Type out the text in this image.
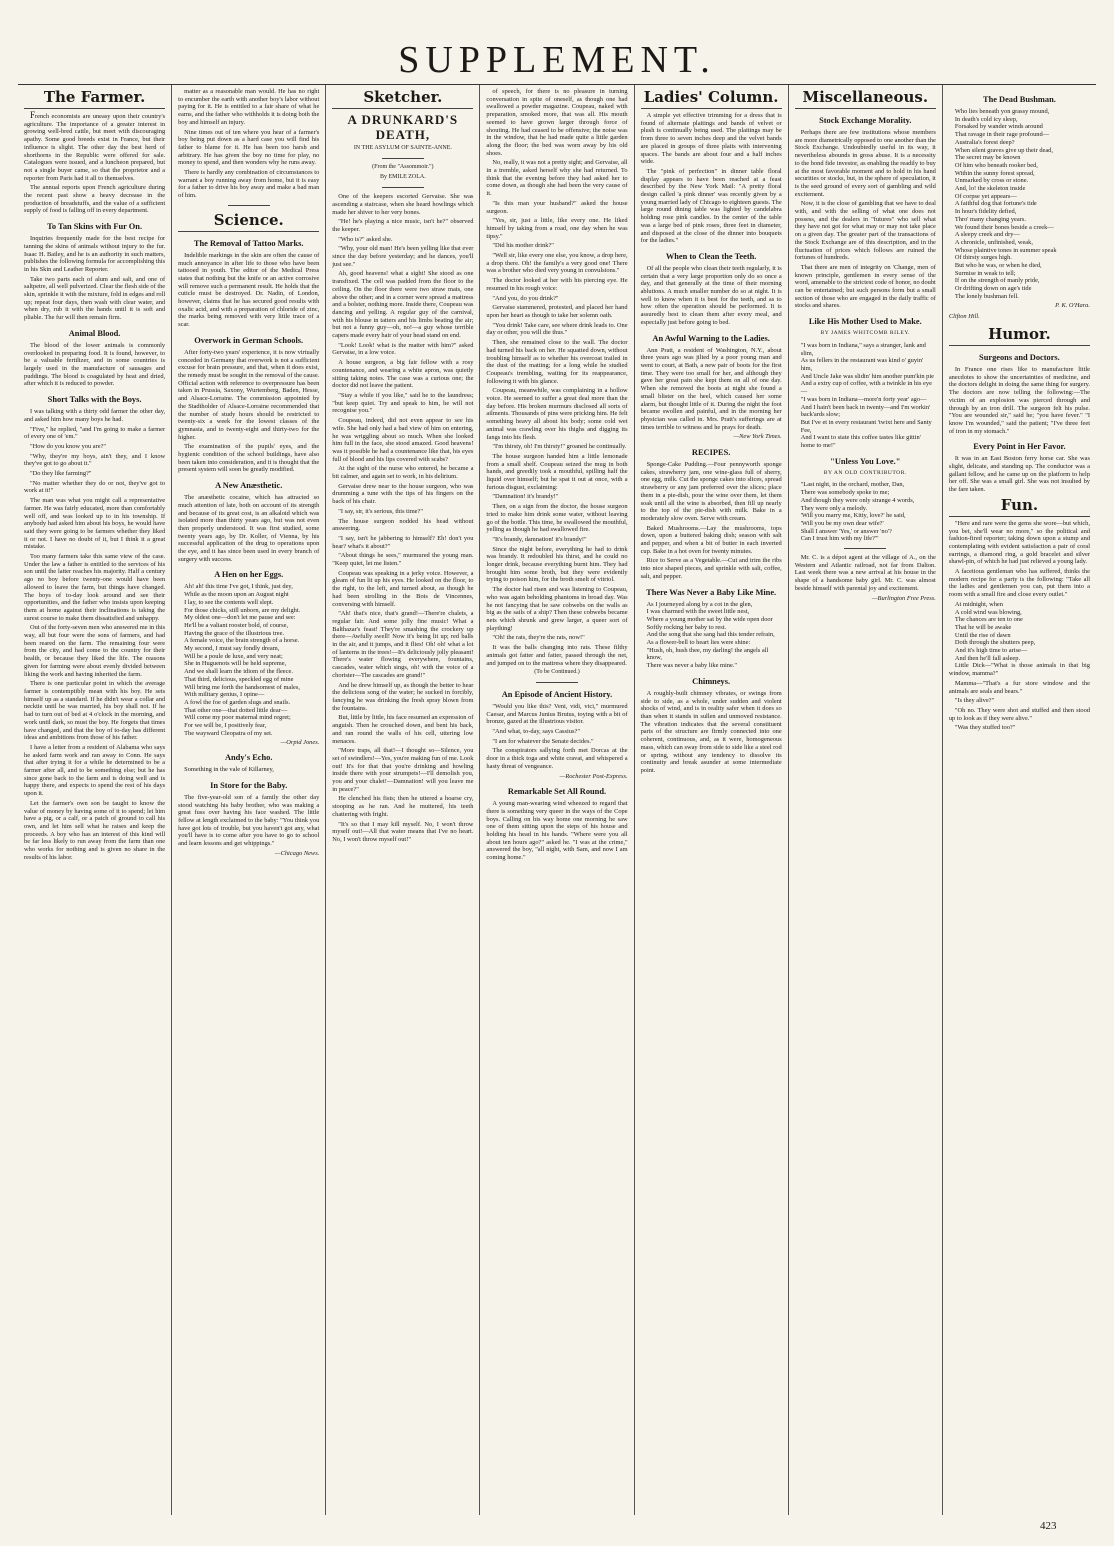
SUPPLEMENT.
The Farmer.

French economists are uneasy upon their country's agriculture. The importance of a greater interest in growing well-bred cattle, but meet with discouraging apathy. Some good breeds exist in France, but their influence is slight. The other day the best herd of shorthorns in the Republic were offered for sale. Catalogues were issued, and a luncheon prepared, but not a single buyer came, so that the proprietor and a reporter from Paris had it all to themselves.

The annual reports upon French agriculture during the recent past show a heavy decrease in the production of breadstuffs, and the value of a sufficient supply of food is falling off in every department.

To Tan Skins with Fur On.

Inquiries frequently made for the best recipe for tanning the skins of animals without injury to the fur. Isaac H. Bailey, and he is an authority in such matters, publishes the following formula for accomplishing this in his Skin and Leather Reporter.

Take two parts each of alum and salt, and one of saltpetre, all well pulverized. Clear the flesh side of the skin, sprinkle it with the mixture, fold in edges and roll up; repeat four days, then wash with clear water, and when dry, rub it with the hands until it is soft and pliable. The fur will then remain firm.

Animal Blood.

The blood of the lower animals is commonly overlooked in preparing food. It is found, however, to be a valuable fertilizer, and in some countries is largely used in the manufacture of sausages and puddings. The blood is coagulated by heat and dried, after which it is reduced to powder.

Short Talks with the Boys.

I was talking with a thirty odd farmer the other day, and asked him how many boys he had.

"Five," he replied, "and I'm going to make a farmer of every one of 'em."

"How do you know you are?"

"Why, they're my boys, ain't they, and I know they've got to go about it."

"Do they like farming?"

"No matter whether they do or not, they've got to work at it!"

The man was what you might call a representative farmer. He was fairly educated, more than comfortably well off, and was looked up to in his township. If anybody had asked him about his boys, he would have said they were going to be farmers whether they liked it or not. I have no doubt of it, but I think it a great mistake.

Too many farmers take this same view of the case. Under the law a father is entitled to the services of his son until the latter reaches his majority. Half a century ago no boy before twenty-one would have been allowed to leave the farm, but things have changed. The boys of to-day look around and see their opportunities, and the father who insists upon keeping them at home against their inclinations is taking the surest course to make them dissatisfied and unhappy.

Out of the forty-seven men who answered me in this way, all but four were the sons of farmers, and had been reared on the farm. The remaining four were from the city, and had come to the country for their health, or because they liked the life. The reasons given for farming were about evenly divided between liking the work and having inherited the farm.

There is one particular point in which the average farmer is contemptibly mean with his boy. He sets himself up as a standard. If he didn't wear a collar and necktie until he was married, his boy shall not. If he had to turn out of bed at 4 o'clock in the morning, and work until dark, so must the boy. He forgets that times have changed, and that the boy of to-day has different ideas and ambitions from those of his father.

I have a letter from a resident of Alabama who says he asked farm work and ran away to Conn. He says that after trying it for a while he determined to be a farmer after all, and to be something else; but he has since gone back to the farm and is doing well and is happy there, and expects to spend the rest of his days upon it.

Let the farmer's own son be taught to know the value of money by having some of it to spend; let him have a pig, or a calf, or a patch of ground to call his own, and let him sell what he raises and keep the proceeds. A boy who has an interest of this kind will be far less likely to run away from the farm than one who works for nothing and is given no share in the results of his labor.

matter as a reasonable man would. He has no right to encumber the earth with another boy's labor without paying for it. He is entitled to a fair share of what he earns, and the father who withholds it is doing both the boy and himself an injury.

Nine times out of ten where you hear of a farmer's boy being put down as a hard case you will find his father to blame for it. He has been too harsh and arbitrary. He has given the boy no time for play, no money to spend, and then wonders why he runs away.

There is hardly any combination of circumstances to warrant a boy running away from home, but it is easy for a father to drive his boy away and make a bad man of him.

Science.
The Removal of Tattoo Marks.

Indelible markings in the skin are often the cause of much annoyance in after life to those who have been tattooed in youth. The editor of the Medical Press states that nothing but the knife or an active corrosive will remove such a permanent result. He holds that the cuticle must be destroyed. Dr. Nadin, of London, however, claims that he has secured good results with oxalic acid, and with a preparation of chloride of zinc, the marks being removed with very little trace of a scar.

Overwork in German Schools.

After forty-two years' experience, it is now virtually conceded in Germany that overwork is not a sufficient excuse for brain pressure, and that, when it does exist, the remedy must be sought in the removal of the cause. Official action with reference to overpressure has been taken in Prussia, Saxony, Wurtemberg, Baden, Hesse, and Alsace-Lorraine. The commission appointed by the Stadtholder of Alsace-Lorraine recommended that the number of study hours should be restricted to twenty-six a week for the lowest classes of the gymnasia, and to twenty-eight and thirty-two for the higher.

The examination of the pupils' eyes, and the hygienic condition of the school buildings, have also been taken into consideration, and it is thought that the present system will soon be greatly modified.

A New Anæsthetic.

The anæsthetic cocaine, which has attracted so much attention of late, both on account of its strength and because of its great cost, is an alkaloid which was isolated more than thirty years ago, but was not even then properly understood. It was first studied, some twenty years ago, by Dr. Koller, of Vienna, by his successful application of the drug to operations upon the eye, and it has since been used in every branch of surgery with success.

A Hen on her Eggs.

Ah! ah! this time I've got, I think, just dey,

While as the moon upon an August night

I lay, to see the contents well slept.

For those chicks, still unborn, are my delight.

My oldest one—don't let me pause and see:

He'll be a valiant rooster bold, of course,

Having the grace of the illustrious tree.

A female voice, the brain strength of a horse.

My second, I must say fondly dream,

Will be a poule de luxe, and very neat;

She in Huguenots will be held supreme,

And we shall learn the idiom of the fleece.

That third, delicious, speckled egg of mine

Will bring me forth the handsomest of males,

With military genius, I opine—

A fowl the foe of garden slugs and snails.

That other one—that dotted little dear—

Will come my poor maternal mind regret;

For we will be, I positively fear,

The wayward Cleopatra of my set.

—Orpid Jones.
Andy's Echo.

Something in the vale of Killarney,

In Store for the Baby.

The five-year-old son of a family the other day stood watching his baby brother, who was making a great fuss over having his face washed. The little fellow at length exclaimed to the baby: "You think you have got lots of trouble, but you haven't got any, what you'll have is to come after you have to go to school and learn lessons and get whippings."

—Chicago News.
Sketcher.
A DRUNKARD'S DEATH,
IN THE ASYLUM OF SAINTE-ANNE.
(From the "Assommoir.")
By EMILE ZOLA.

One of the keepers escorted Gervaise. She was ascending a staircase, when she heard howlings which made her shiver to her very bones.

"He! he's playing a nice music, isn't he?" observed the keeper.

"Who is?" asked she.

"Why, your old man! He's been yelling like that ever since the day before yesterday; and he dances, you'll just see."

Ah, good heavens! what a sight! She stood as one transfixed. The cell was padded from the floor to the ceiling. On the floor there were two straw mats, one above the other; and in a corner were spread a mattress and a bolster, nothing more. Inside there, Coupeau was dancing and yelling. A regular guy of the carnival, with his blouse in tatters and his limbs beating the air; but not a funny guy—oh, no!—a guy whose terrible capers made every hair of your head stand on end.

"Look! Look! what is the matter with him?" asked Gervaise, in a low voice.

A house surgeon, a big fair fellow with a rosy countenance, and wearing a white apron, was quietly sitting taking notes. The case was a curious one; the doctor did not leave the patient.

"Stay a while if you like," said he to the laundress; "but keep quiet. Try and speak to him, he will not recognise you."

Coupeau, indeed, did not even appear to see his wife. She had only had a bad view of him on entering, he was wriggling about so much. When she looked him full in the face, she stood amazed. Good heavens! was it possible he had a countenance like that, his eyes full of blood and his lips covered with scabs?

At the sight of the nurse who entered, he became a bit calmer, and again set to work, in his delirium.

Gervaise drew near to the house surgeon, who was drumming a tune with the tips of his fingers on the back of his chair.

"I say, sir, it's serious, this time?"

The house surgeon nodded his head without answering.

"I say, isn't he jabbering to himself? Eh! don't you hear? what's it about?"

"About things he sees," murmured the young man. "Keep quiet, let me listen."

Coupeau was speaking in a jerky voice. However, a gleam of fun lit up his eyes. He looked on the floor, to the right, to the left, and turned about, as though he had been strolling in the Bois de Vincennes, conversing with himself.

"Ah! that's nice, that's grand!—There're chalets, a regular fair. And some jolly fine music! What a Balthazar's feast! They're smashing the crockery up there—Awfully swell! Now it's being lit up; red balls in the air, and it jumps, and it flies! Oh! oh! what a lot of lanterns in the trees!—It's deliciously jolly pleasant! There's water flowing everywhere, fountains, cascades, water which sings, oh! with the voice of a chorister—The cascades are grand!"

And he drew himself up, as though the better to hear the delicious song of the water; he sucked in forcibly, fancying he was drinking the fresh spray blown from the fountains.

But, little by little, his face resumed an expression of anguish. Then he crouched down, and bent his back, and ran round the walls of his cell, uttering low menaces.

"More traps, all that!—I thought so—Silence, you set of swindlers!—Yes, you're making fun of me. Look out! It's for that that you're drinking and howling inside there with your strumpets!—I'll demolish you, you and your chalet!—Damnation! will you leave me in peace?"

He clenched his fists; then he uttered a hoarse cry, stooping as he ran. And he muttered, his teeth chattering with fright.

"It's so that I may kill myself. No, I won't throw myself out!—All that water means that I've no heart. No, I won't throw myself out!"

of speech, for there is no pleasure in turning conversation in spite of oneself, as though one had swallowed a powder magazine. Coupeau, naked with preparation, smoked more, that was all. His mouth seemed to have grown larger through force of shouting. He had ceased to be offensive; the noise was in the window, that he had made quite a little garden along the floor; the bed was worn away by his old shoes.

No, really, it was not a pretty sight; and Gervaise, all in a tremble, asked herself why she had returned. To think that the evening before they had asked her to come down, as though she had been the very cause of it.

"Is this man your husband?" asked the house surgeon.

"Yes, sir, just a little, like every one. He liked himself by taking from a road, one day when he was tipsy."

"Did his mother drink?"

"Well sir, like every one else, you know, a drop here, a drop there. Oh! the family's a very good one! There was a brother who died very young in convulsions."

The doctor looked at her with his piercing eye. He resumed in his rough voice:

"And you, do you drink?"

Gervaise stammered, protested, and placed her hand upon her heart as though to take her solemn oath.

"You drink! Take care, see where drink leads to. One day or other, you will die thus."

Then, she remained close to the wall. The doctor had turned his back on her. He squatted down, without troubling himself as to whether his overcoat trailed in the dust of the matting; for a long while he studied Coupeau's trembling, waiting for its reappearance, following it with his glance.

Coupeau, meanwhile, was complaining in a hollow voice. He seemed to suffer a great deal more than the day before. His broken murmurs disclosed all sorts of ailments. Thousands of pins were pricking him. He felt something heavy all about his body; some cold wet animal was crawling over his thighs and digging its fangs into his flesh.

"I'm thirsty, oh! I'm thirsty!" groaned he continually.

The house surgeon handed him a little lemonade from a small shelf. Coupeau seized the mug in both hands, and greedily took a mouthful, spilling half the liquid over himself; but he spat it out at once, with a furious disgust, exclaiming:

"Damnation! it's brandy!"

Then, on a sign from the doctor, the house surgeon tried to make him drink some water, without leaving go of the bottle. This time, he swallowed the mouthful, yelling as though he had swallowed fire.

"It's brandy, damnation! it's brandy!"

Since the night before, everything he had to drink was brandy. It redoubled his thirst, and he could no longer drink, because everything burnt him. They had brought him some broth, but they were evidently trying to poison him, for the broth smelt of vitriol.

The doctor had risen and was listening to Coupeau, who was again beholding phantoms in broad day. Was he not fancying that he saw cobwebs on the walls as big as the sails of a ship? Then these cobwebs became nets which shrunk and grew larger, a queer sort of plaything!

"Oh! the rats, they're the rats, now!"

It was the balls changing into rats. These filthy animals got fatter and fatter, passed through the net, and jumped on to the mattress where they disappeared.

(To be Continued.)
An Episode of Ancient History.

"Would you like this? Veni, vidi, vici," murmured Caesar, and Marcus Junius Brutus, toying with a bit of bronze, gazed at the illustrious visitor.

"And what, to-day, says Cassius?"

"I am for whatever the Senate decides."

The conspirators sallying forth met Dorcas at the door in a thick toga and white cravat, and whispered a hasty threat of vengeance.

—Rochester Post-Express.
Remarkable Set All Round.

A young man-wearing wind wheezed to regard that there is something very queer in the ways of the Cope boys. Calling on his way home one morning he saw one of them sitting upon the steps of his house and holding his head in his hands. "Where were you all about ten hours ago?" asked he. "I was at the crime," answered the boy, "all night, with Sam, and now I am coming home."

Ladies' Column.

A simple yet effective trimming for a dress that is found of alternate plaitings and bands of velvet or plush is continually being used. The plaitings may be from three to seven inches deep and the velvet bands are placed in groups of three plaits with intervening spaces. The bands are about four and a half inches wide.

The "pink of perfection" in dinner table floral display appears to have been reached at a feast described by the New York Mail: "A pretty floral design called 'a pink dinner' was recently given by a young married lady of Chicago to eighteen guests. The large round dining table was lighted by candelabra holding rose pink candles. In the center of the table was a large bed of pink roses, three feet in diameter, and disposed at the close of the dinner into bouquets for the ladies."

When to Clean the Teeth.

Of all the people who clean their teeth regularly, it is certain that a very large proportion only do so once a day, and that generally at the time of their morning ablutions. A much smaller number do so at night. It is well to know when it is best for the teeth, and as to how often the operation should be performed. It is assuredly best to clean them after every meal, and especially just before going to bed.

An Awful Warning to the Ladies.

Ann Pratt, a resident of Washington, N.Y., about three years ago was jilted by a poor young man and went to court, at Bath, a new pair of boots for the first time. They were too small for her, and although they gave her great pain she kept them on all of one day. When she removed the boots at night she found a small blister on the heel, which caused her some alarm, but thought little of it. During the night the foot became swollen and painful, and in the morning her physician was called in. Mrs. Pratt's sufferings are at times terrible to witness and he prays for death.

—New York Times.
RECIPES.

Sponge-Cake Pudding.—Four pennyworth sponge cakes, strawberry jam, one wine-glass full of sherry, one egg, milk. Cut the sponge cakes into slices, spread strawberry or any jam preferred over the slices; place them in a pie-dish, pour the wine over them, let them soak until all the wine is absorbed, then fill up nearly to the top of the pie-dish with milk. Bake in a moderately slow oven. Serve with cream.

Baked Mushrooms.—Lay the mushrooms, tops down, upon a buttered baking dish; season with salt and pepper, and when a bit of butter in each inverted cup. Bake in a hot oven for twenty minutes.

Rice to Serve as a Vegetable.—Cut and trim the ribs into nice shaped pieces, and sprinkle with salt, coffee, salt, and pepper.

There Was Never a Baby Like Mine.

As I journeyed along by a cot in the glen,

I was charmed with the sweet little nest,

Where a young mother sat by the wide open door

Softly rocking her baby to rest.

And the song that she sang had this tender refrain,

As a flower-bell to heart lies were shine:

"Hush, oh, hush thee, my darling! the angels all know,

There was never a baby like mine."

Chimneys.

A roughly-built chimney vibrates, or swings from side to side, as a whole, under sudden and violent shocks of wind, and is in reality safer when it does so than when it stands in sullen and unmoved resistance. The vibration indicates that the several constituent parts of the structure are firmly connected into one coherent, continuous, and, as it were, homogeneous mass, which can sway from side to side like a steel rod or spring, without any tendency to dissolve its continuity and break asunder at some intermediate point.

Miscellaneous.
Stock Exchange Morality.

Perhaps there are few institutions whose members are more diametrically opposed to one another than the Stock Exchange. Undoubtedly useful in its way, it nevertheless abounds in gross abuse. It is a necessity to the bond fide investor, as enabling the readily to buy at the most favorable moment and to hold in his hand securities or stocks, but, in the sphere of speculation, it is the seed ground of every sort of gambling and wild excitement.

Now, it is the close of gambling that we have to deal with, and with the selling of what one does not possess, and the dealers in "futures" who sell what they have not got for what may or may not take place on a given day. The greater part of the transactions of the Stock Exchange are of this description, and in the fluctuation of prices which follows are ruined the fortunes of hundreds.

That there are men of integrity on 'Change, men of known principle, gentlemen in every sense of the word, amenable to the strictest code of honor, no doubt can be entertained; but such persons form but a small section of those who are engaged in the daily traffic of stocks and shares.

Like His Mother Used to Make.
BY JAMES WHITCOMB RILEY.

"I was born in Indiana," says a stranger, lank and slim,

As us fellers in the restaurant was kind o' guyin' him,

And Uncle Jake was slidin' him another pum'kin pie

And a extry cup of coffee, with a twinkle in his eye—

"I was born in Indiana—more'n forty year' ago—

And I hain't been back in twenty—and I'm workin' back'ards slow;

But I've et in every restaurant 'twixt here and Santy Fee,

And I want to state this coffee tastes like gittin' home to me!"

"Unless You Love."
BY AN OLD CONTRIBUTOR.

"Last night, in the orchard, mother, Dan,

There was somebody spoke to me;

And though they were only strange 4 words,

They were only a melody.

'Will you marry me, Kitty, love?' he said,

'Will you be my own dear wife?'

Shall I answer 'Yes,' or answer 'no'?

Can I trust him with my life?'"

Mr. C. is a dépot agent at the village of A., on the Western and Atlantic railroad, not far from Dalton. Last week there was a new arrival at his house in the shape of a handsome baby girl. Mr. C. was almost beside himself with parental joy and excitement.

—Burlington Free Press.
The Dead Bushman.

Who lies beneath yon grassy mound,

In death's cold icy sleep,

Forsaked by wander winds around

That ravage in their rage profound—

Australia's forest deep?

When silent graves give up their dead,

The secret may be known

Of him who beneath rooker bed,

Within the sunny forest spread,

Unmarked by cross or stone.

And, lo! the skeleton inside

Of corpse yet appears—

A faithful dog that fortune's tide

In hour's fidelity defied,

Thro' many changing years.

We found their bones beside a creek—

A sleepy creek and dry—

A chronicle, unfinished, weak,

Whose plaintive tones in summer speak

Of thirsty surges high.

But who he was, or when he died,

Surmise in weak to tell;

If on the strength of manly pride,

Or drifting down on age's tide

The lonely bushman fell.

P. K. O'Hara.
Clifton Hill.
Humor.
Surgeons and Doctors.

In France one rises like to manufacture little anecdotes to show the uncertainties of medicine, and the doctors delight in doing the same thing for surgery. The doctors are now telling the following:—The victim of an explosion was pierced through and through by an iron drill. The surgeon felt his pulse. "You are wounded sir," said he; "you have fever." "I know I'm wounded," said the patient; "I've three feet of iron in my stomach."

Every Point in Her Favor.

It was in an East Boston ferry horse car. She was slight, delicate, and standing up. The conductor was a gallant fellow, and he came up on the platform to help her off. She was a small girl. She was not insulted by the fare taken.

Fun.

"Here and rare were the gems she wore—but which, you bet, she'll wear no more," so the political and fashion-fired reporter; taking down upon a stump and contemplating with evident satisfaction a pair of coral earrings, a diamond ring, a gold bracelet and silver shawl-pin, of which he had just relieved a young lady.

A facetious gentleman who has suffered, thinks the modern recipe for a party is the following: "Take all the ladies and gentlemen you can, put them into a room with a small fire and close every outlet."

At midnight, when

A cold wind was blowing,

The chances are ten to one

That he will be awake

Until the rise of dawn

Doth through the shutters peep,

And it's high time to arise—

And then he'll fall asleep.

Little Dick—"What is those animals in that big window, mamma?"

Mamma—"That's a fur store window and the animals are seals and bears."

"Is they alive?"

"Oh no. They were shot and stuffed and then stood up to look as if they were alive."

"Was they stuffed too?"

423
